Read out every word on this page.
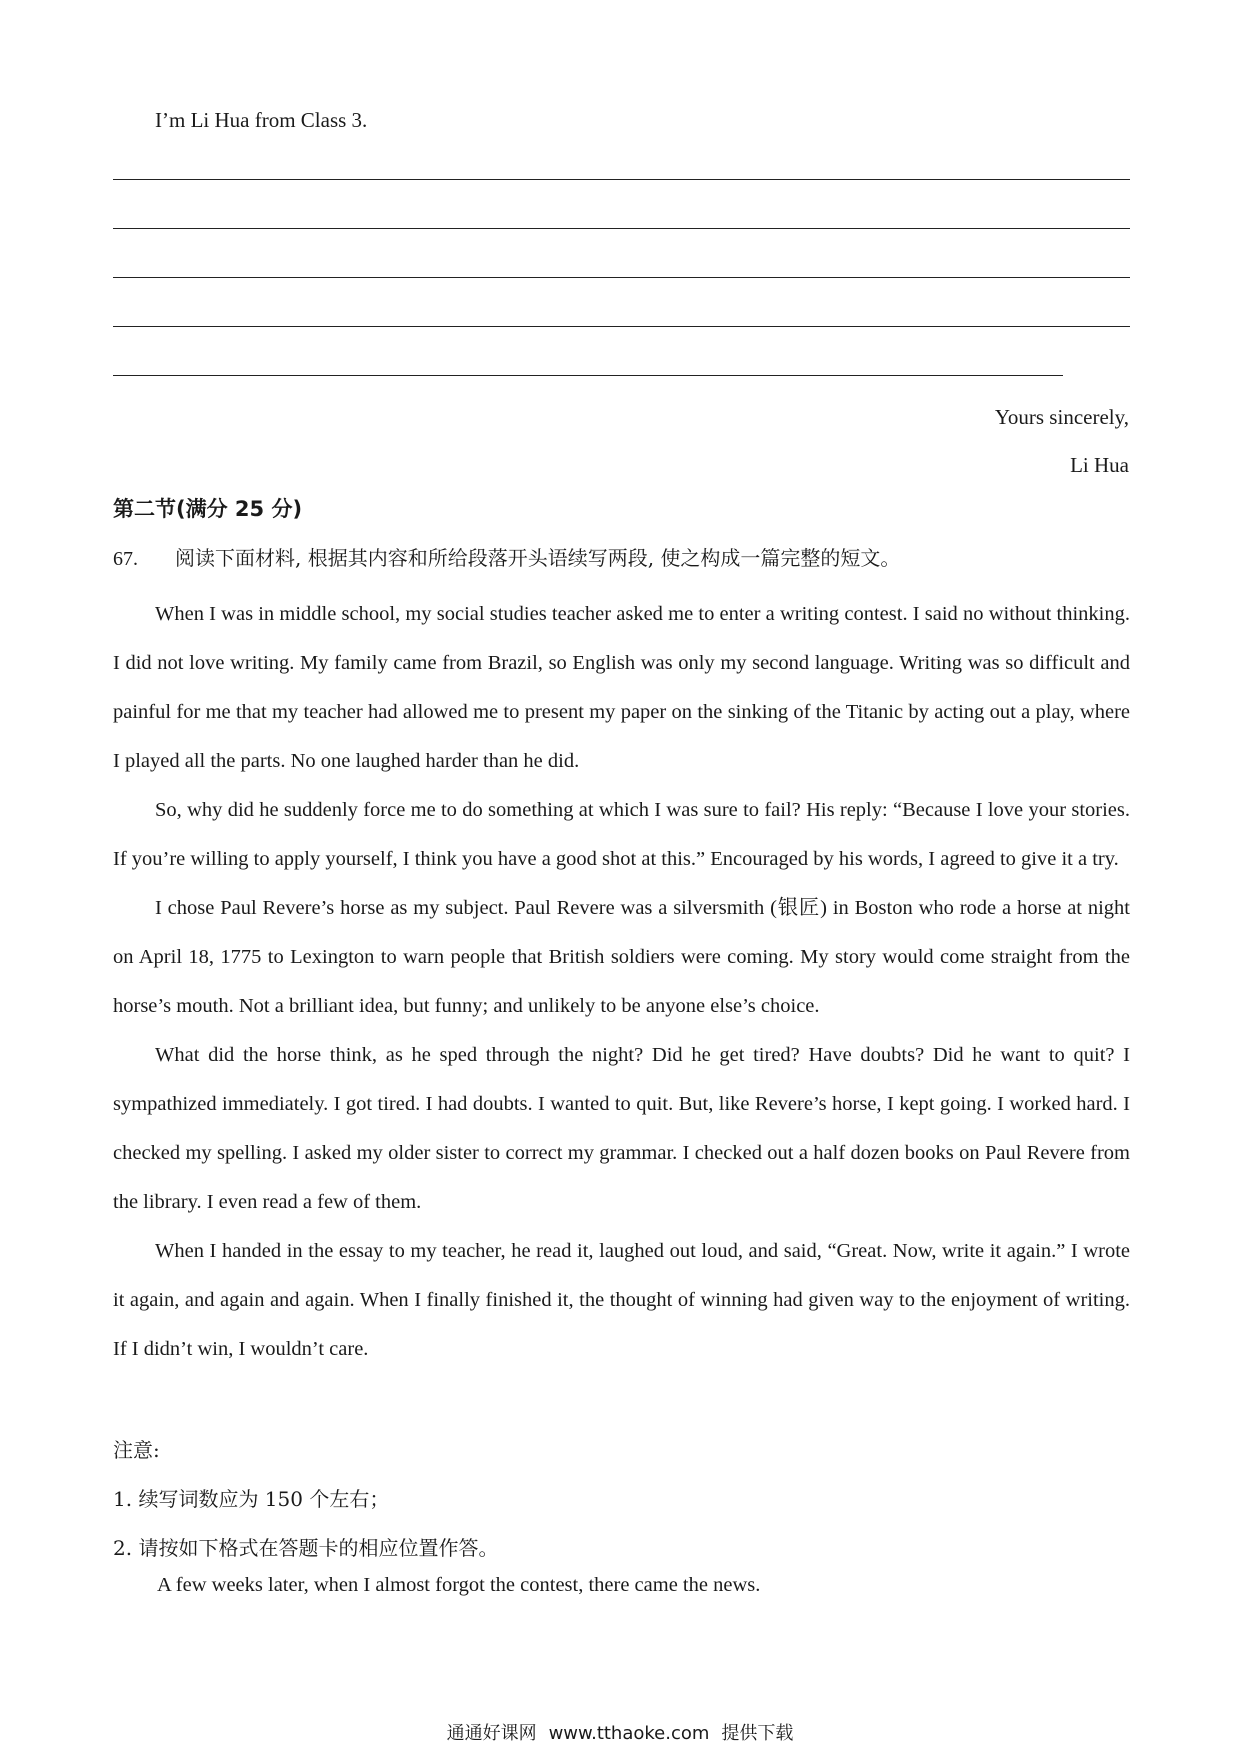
I’m Li Hua from Class 3.
Yours sincerely,
Li Hua
第二节(满分 25 分)
67. 阅读下面材料, 根据其内容和所给段落开头语续写两段, 使之构成一篇完整的短文。

When I was in middle school, my social studies teacher asked me to enter a writing contest. I said no without thinking. I did not love writing. My family came from Brazil, so English was only my second language. Writing was so difficult and painful for me that my teacher had allowed me to present my paper on the sinking of the Titanic by acting out a play, where I played all the parts. No one laughed harder than he did.

So, why did he suddenly force me to do something at which I was sure to fail? His reply: “Because I love your stories. If you’re willing to apply yourself, I think you have a good shot at this.” Encouraged by his words, I agreed to give it a try.

I chose Paul Revere’s horse as my subject. Paul Revere was a silversmith (银匠) in Boston who rode a horse at night on April 18, 1775 to Lexington to warn people that British soldiers were coming. My story would come straight from the horse’s mouth. Not a brilliant idea, but funny; and unlikely to be anyone else’s choice.

What did the horse think, as he sped through the night? Did he get tired? Have doubts? Did he want to quit? I sympathized immediately. I got tired. I had doubts. I wanted to quit. But, like Revere’s horse, I kept going. I worked hard. I checked my spelling. I asked my older sister to correct my grammar. I checked out a half dozen books on Paul Revere from the library. I even read a few of them.

When I handed in the essay to my teacher, he read it, laughed out loud, and said, “Great. Now, write it again.” I wrote it again, and again and again. When I finally finished it, the thought of winning had given way to the enjoyment of writing. If I didn’t win, I wouldn’t care.

注意:
1. 续写词数应为 150 个左右；
2. 请按如下格式在答题卡的相应位置作答。
A few weeks later, when I almost forgot the contest, there came the news.
通通好课网 www.tthaoke.com 提供下载
